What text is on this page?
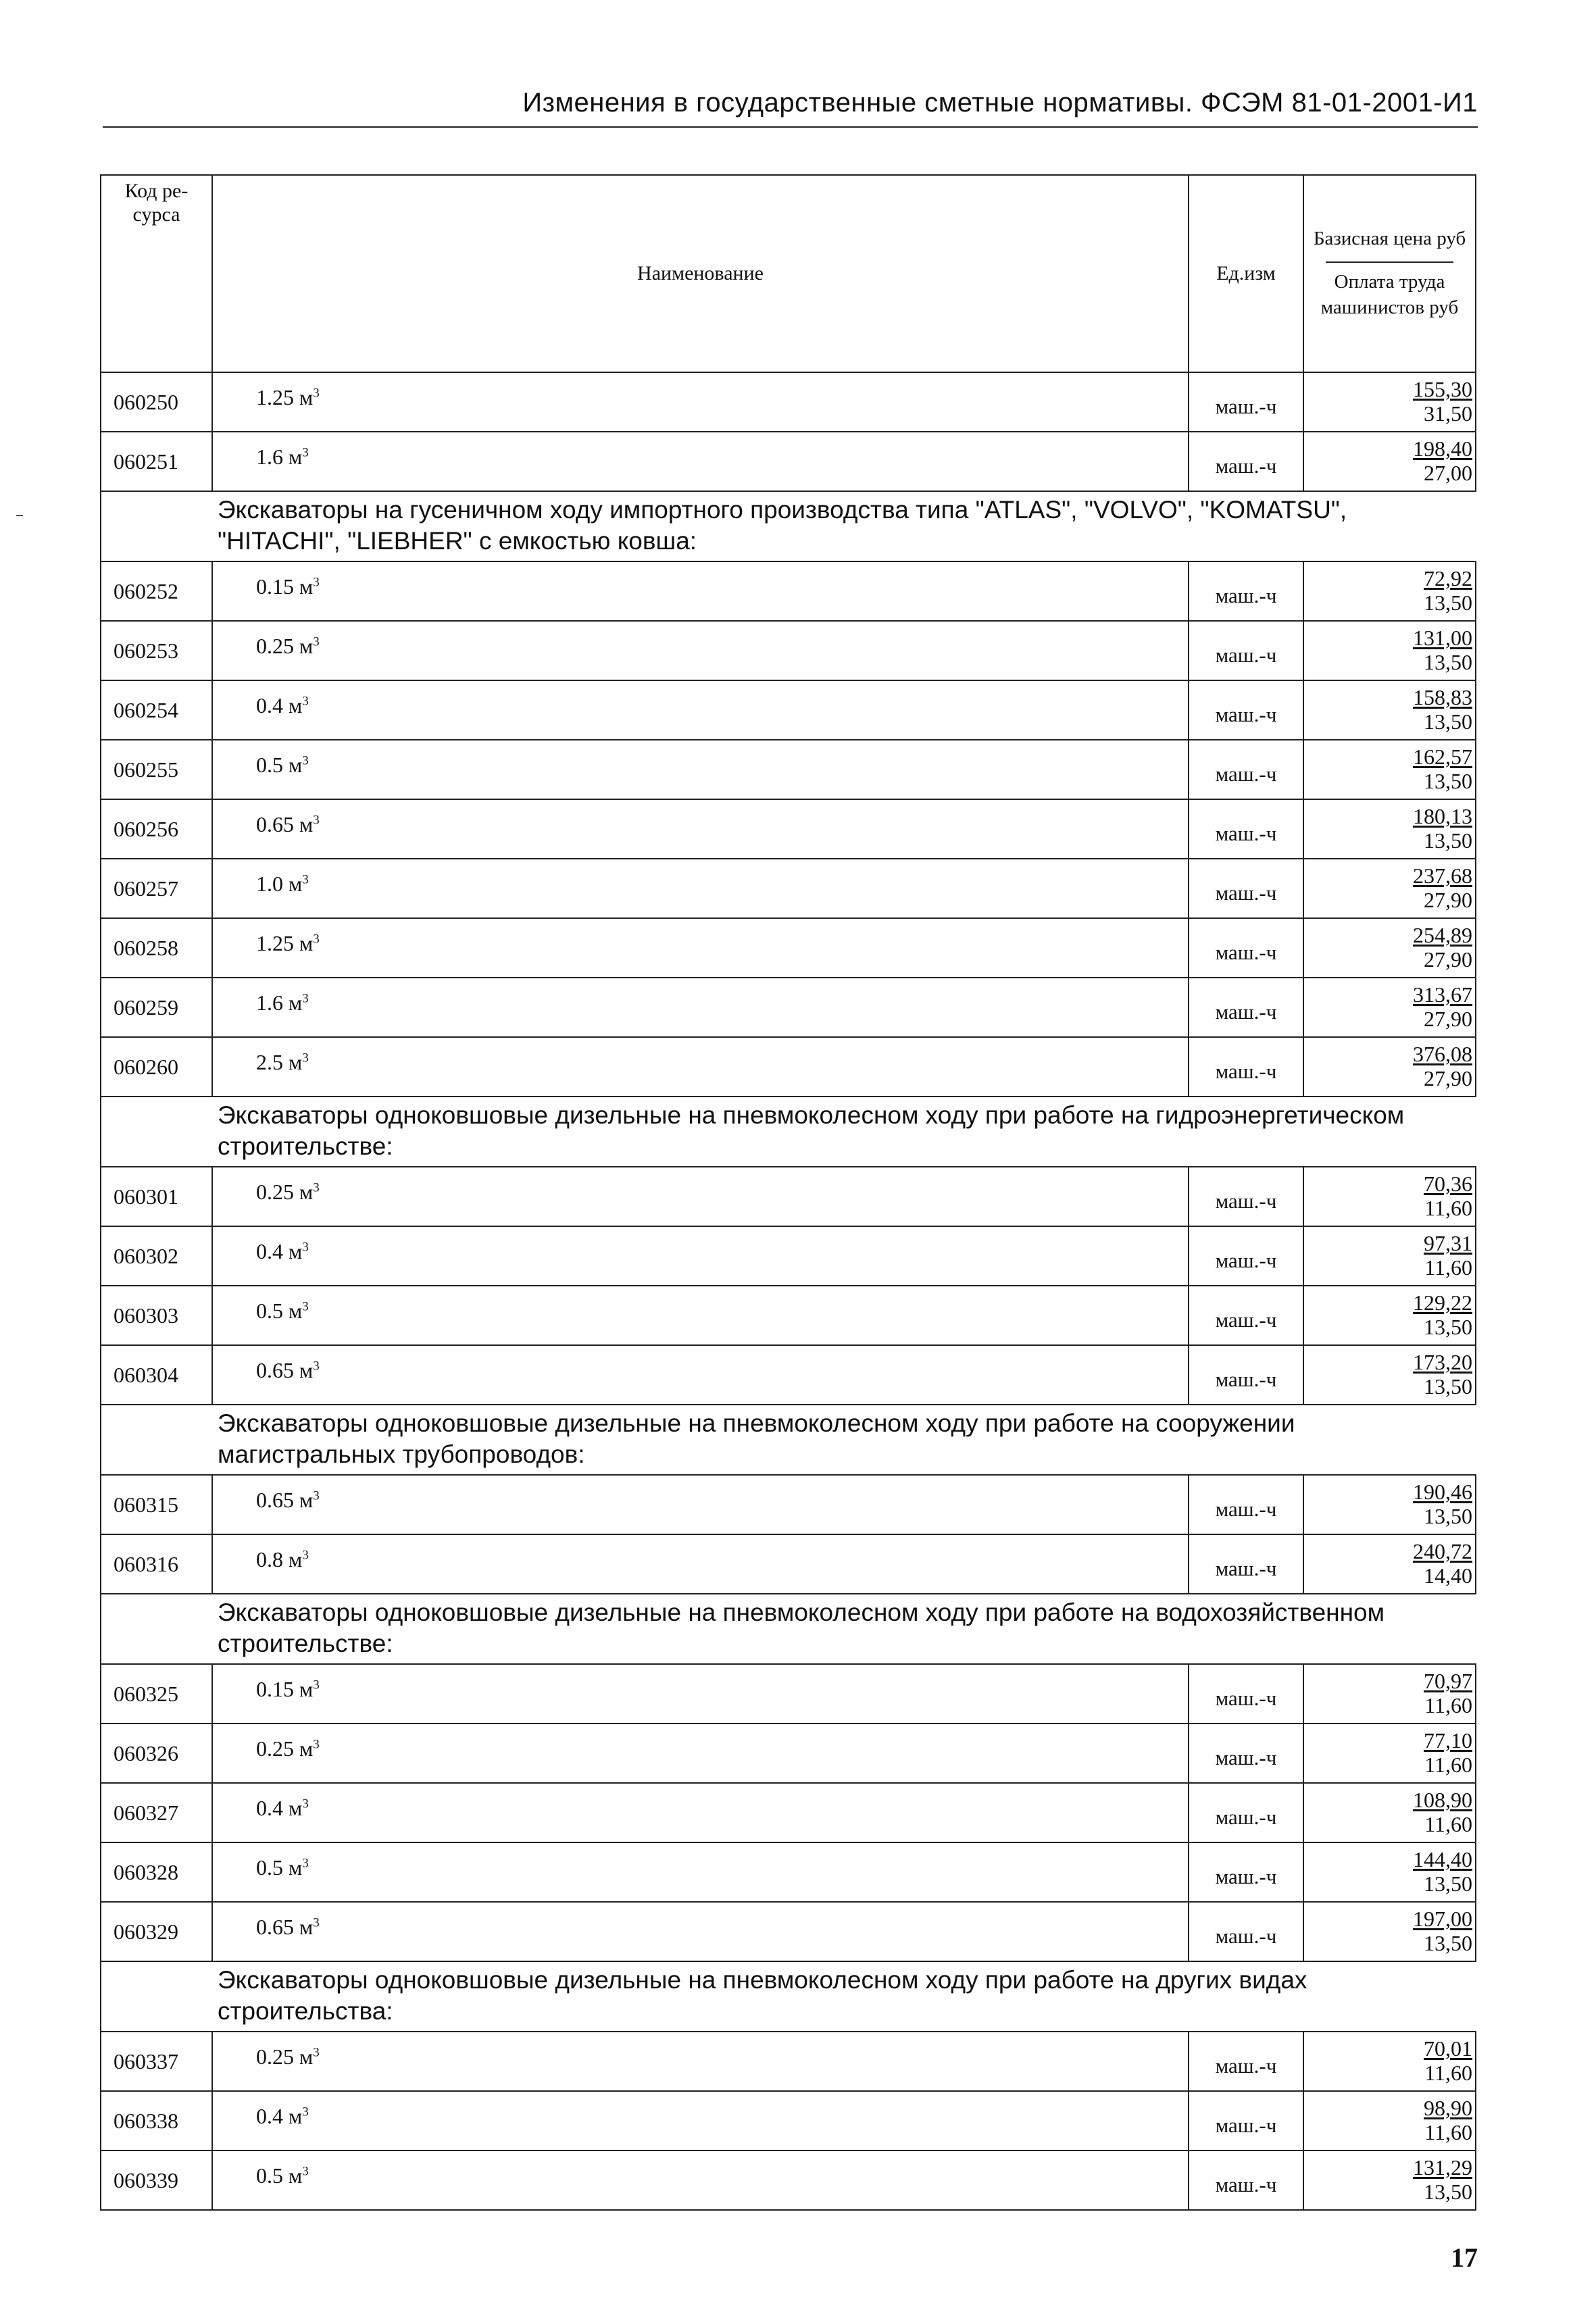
Изменения в государственные сметные нормативы. ФСЭМ 81-01-2001-И1
Код ре-сурса	Наименование	Ед.изм	Базисная цена руб
Оплата труда машинистов руб

060250	1.25 $м^3$	маш.-ч	155,30
31,50

060251	1.6 $м^3$	маш.-ч	198,40
27,00

	Экскаваторы на гусеничном ходу импортного производства типа "ATLAS", "VOLVO", "KOMATSU", "HITACHI", "LIEBHER" с емкостью ковша:		
060252	0.15 $м^3$	маш.-ч	72,92
13,50

060253	0.25 $м^3$	маш.-ч	131,00
13,50

060254	0.4 $м^3$	маш.-ч	158,83
13,50

060255	0.5 $м^3$	маш.-ч	162,57
13,50

060256	0.65 $м^3$	маш.-ч	180,13
13,50

060257	1.0 $м^3$	маш.-ч	237,68
27,90

060258	1.25 $м^3$	маш.-ч	254,89
27,90

060259	1.6 $м^3$	маш.-ч	313,67
27,90

060260	2.5 $м^3$	маш.-ч	376,08
27,90

	Экскаваторы одноковшовые дизельные на пневмоколесном ходу при работе на гидроэнергетическом строительстве:		
060301	0.25 $м^3$	маш.-ч	70,36
11,60

060302	0.4 $м^3$	маш.-ч	97,31
11,60

060303	0.5 $м^3$	маш.-ч	129,22
13,50

060304	0.65 $м^3$	маш.-ч	173,20
13,50

	Экскаваторы одноковшовые дизельные на пневмоколесном ходу при работе на сооружении магистральных трубопроводов:		
060315	0.65 $м^3$	маш.-ч	190,46
13,50

060316	0.8 $м^3$	маш.-ч	240,72
14,40

	Экскаваторы одноковшовые дизельные на пневмоколесном ходу при работе на водохозяйственном строительстве:		
060325	0.15 $м^3$	маш.-ч	70,97
11,60

060326	0.25 $м^3$	маш.-ч	77,10
11,60

060327	0.4 $м^3$	маш.-ч	108,90
11,60

060328	0.5 $м^3$	маш.-ч	144,40
13,50

060329	0.65 $м^3$	маш.-ч	197,00
13,50

	Экскаваторы одноковшовые дизельные на пневмоколесном ходу при работе на других видах строительства:		
060337	0.25 $м^3$	маш.-ч	70,01
11,60

060338	0.4 $м^3$	маш.-ч	98,90
11,60

060339	0.5 $м^3$	маш.-ч	131,29
13,50
17
